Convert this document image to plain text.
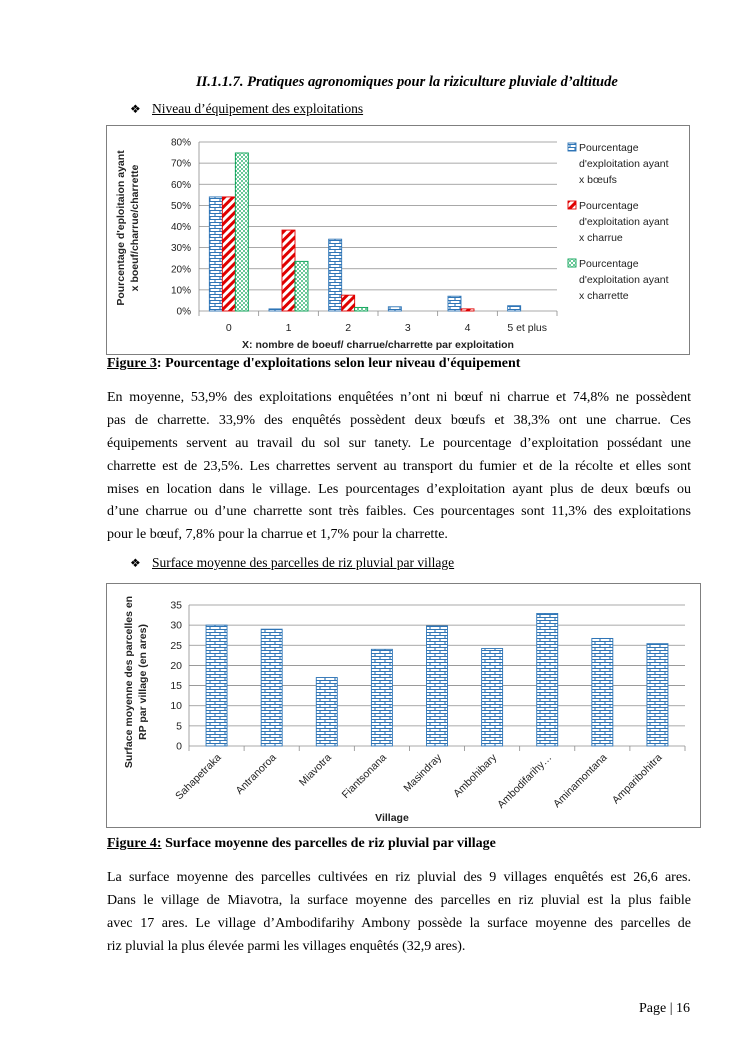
II.1.1.7. Pratiques agronomiques pour la riziculture pluviale d’altitude
❖ Niveau d’équipement des exploitations
0%
10%
20%
30%
40%
50%
60%
70%
80%
0	1	2	3	4	5 et plus
X: nombre de boeuf/ charrue/charrette par exploitation
Pourcentage d'eploitaion ayant x boeuf/charrue/charrette
Pourcentage
d'exploitation ayant
x bœufs
Pourcentage
d'exploitation ayant
x charrue
Pourcentage
d'exploitation ayant
x charrette
Figure 3: Pourcentage d'exploitations selon leur niveau d'équipement
En moyenne, 53,9% des exploitations enquêtées n’ont ni bœuf ni charrue et 74,8% ne possèdent
pas de charrette. 33,9% des enquêtés possèdent deux bœufs et 38,3% ont une charrue. Ces
équipements servent au travail du sol sur tanety. Le pourcentage d’exploitation possédant une
charrette est de 23,5%. Les charrettes servent au transport du fumier et de la récolte et elles sont
mises en location dans le village. Les pourcentages d’exploitation ayant plus de deux bœufs ou
d’une charrue ou d’une charrette sont très faibles. Ces pourcentages sont 11,3% des exploitations
pour le bœuf, 7,8% pour la charrue et 1,7% pour la charrette.
❖ Surface moyenne des parcelles de riz pluvial par village
0
5
10
15
20
25
30
35
Sahapetraka Antranoroa Miavotra Fiantsonana Masindray Ambohibary
Ambodifarihy…
Aminamontana Amparibohitra
Village
Surface moyenne des parcelles en RP par village (en ares)
Figure 4: Surface moyenne des parcelles de riz pluvial par village
La surface moyenne des parcelles cultivées en riz pluvial des 9 villages enquêtés est 26,6 ares.
Dans le village de Miavotra, la surface moyenne des parcelles en riz pluvial est la plus faible
avec 17 ares. Le village d’Ambodifarihy Ambony possède la surface moyenne des parcelles de
riz pluvial la plus élevée parmi les villages enquêtés (32,9 ares).
Page | 16
